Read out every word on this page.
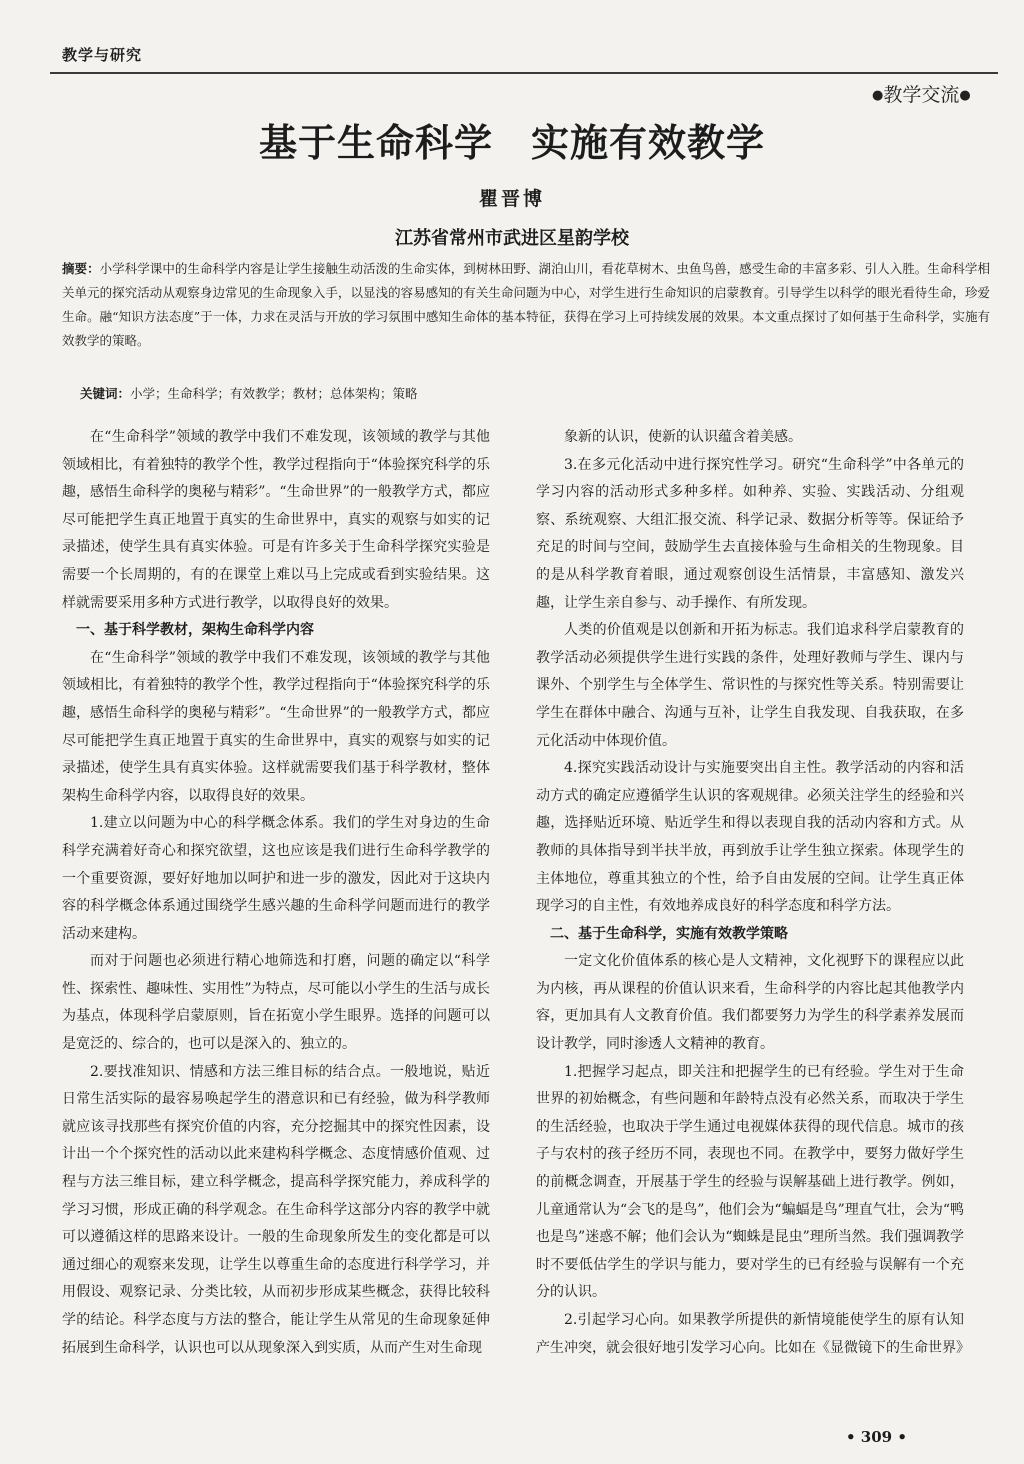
教学与研究
●教学交流●
基于生命科学 实施有效教学
瞿晋博
江苏省常州市武进区星韵学校
摘要：小学科学课中的生命科学内容是让学生接触生动活泼的生命实体，到树林田野、湖泊山川，看花草树木、虫鱼鸟兽，感受生命的丰富多彩、引人入胜。生命科学相关单元的探究活动从观察身边常见的生命现象入手，以显浅的容易感知的有关生命问题为中心，对学生进行生命知识的启蒙教育。引导学生以科学的眼光看待生命，珍爱生命。融“知识方法态度”于一体，力求在灵活与开放的学习氛围中感知生命体的基本特征，获得在学习上可持续发展的效果。本文重点探讨了如何基于生命科学，实施有效教学的策略。
关键词：小学；生命科学；有效教学；教材；总体架构；策略

在“生命科学”领域的教学中我们不难发现，该领域的教学与其他领域相比，有着独特的教学个性，教学过程指向于“体验探究科学的乐趣，感悟生命科学的奥秘与精彩”。“生命世界”的一般教学方式，都应尽可能把学生真正地置于真实的生命世界中，真实的观察与如实的记录描述，使学生具有真实体验。可是有许多关于生命科学探究实验是需要一个长周期的，有的在课堂上难以马上完成或看到实验结果。这样就需要采用多种方式进行教学，以取得良好的效果。

一、基于科学教材，架构生命科学内容

在“生命科学”领域的教学中我们不难发现，该领域的教学与其他领域相比，有着独特的教学个性，教学过程指向于“体验探究科学的乐趣，感悟生命科学的奥秘与精彩”。“生命世界”的一般教学方式，都应尽可能把学生真正地置于真实的生命世界中，真实的观察与如实的记录描述，使学生具有真实体验。这样就需要我们基于科学教材，整体架构生命科学内容，以取得良好的效果。

1.建立以问题为中心的科学概念体系。我们的学生对身边的生命科学充满着好奇心和探究欲望，这也应该是我们进行生命科学教学的一个重要资源，要好好地加以呵护和进一步的激发，因此对于这块内容的科学概念体系通过围绕学生感兴趣的生命科学问题而进行的教学活动来建构。

而对于问题也必须进行精心地筛选和打磨，问题的确定以“科学性、探索性、趣味性、实用性”为特点，尽可能以小学生的生活与成长为基点，体现科学启蒙原则，旨在拓宽小学生眼界。选择的问题可以是宽泛的、综合的，也可以是深入的、独立的。

2.要找准知识、情感和方法三维目标的结合点。一般地说，贴近日常生活实际的最容易唤起学生的潜意识和已有经验，做为科学教师就应该寻找那些有探究价值的内容，充分挖掘其中的探究性因素，设计出一个个探究性的活动以此来建构科学概念、态度情感价值观、过程与方法三维目标，建立科学概念，提高科学探究能力，养成科学的学习习惯，形成正确的科学观念。在生命科学这部分内容的教学中就可以遵循这样的思路来设计。一般的生命现象所发生的变化都是可以通过细心的观察来发现，让学生以尊重生命的态度进行科学学习，并用假设、观察记录、分类比较，从而初步形成某些概念，获得比较科学的结论。科学态度与方法的整合，能让学生从常见的生命现象延伸拓展到生命科学，认识也可以从现象深入到实质，从而产生对生命现

象新的认识，使新的认识蕴含着美感。

3.在多元化活动中进行探究性学习。研究“生命科学”中各单元的学习内容的活动形式多种多样。如种养、实验、实践活动、分组观察、系统观察、大组汇报交流、科学记录、数据分析等等。保证给予充足的时间与空间，鼓励学生去直接体验与生命相关的生物现象。目的是从科学教育着眼，通过观察创设生活情景，丰富感知、激发兴趣，让学生亲自参与、动手操作、有所发现。

人类的价值观是以创新和开拓为标志。我们追求科学启蒙教育的教学活动必须提供学生进行实践的条件，处理好教师与学生、课内与课外、个别学生与全体学生、常识性的与探究性等关系。特别需要让学生在群体中融合、沟通与互补，让学生自我发现、自我获取，在多元化活动中体现价值。

4.探究实践活动设计与实施要突出自主性。教学活动的内容和活动方式的确定应遵循学生认识的客观规律。必须关注学生的经验和兴趣，选择贴近环境、贴近学生和得以表现自我的活动内容和方式。从教师的具体指导到半扶半放，再到放手让学生独立探索。体现学生的主体地位，尊重其独立的个性，给予自由发展的空间。让学生真正体现学习的自主性，有效地养成良好的科学态度和科学方法。

二、基于生命科学，实施有效教学策略

一定文化价值体系的核心是人文精神，文化视野下的课程应以此为内核，再从课程的价值认识来看，生命科学的内容比起其他教学内容，更加具有人文教育价值。我们都要努力为学生的科学素养发展而设计教学，同时渗透人文精神的教育。

1.把握学习起点，即关注和把握学生的已有经验。学生对于生命世界的初始概念，有些问题和年龄特点没有必然关系，而取决于学生的生活经验，也取决于学生通过电视媒体获得的现代信息。城市的孩子与农村的孩子经历不同，表现也不同。在教学中，要努力做好学生的前概念调查，开展基于学生的经验与误解基础上进行教学。例如，儿童通常认为“会飞的是鸟”，他们会为“蝙蝠是鸟”理直气壮，会为“鸭也是鸟”迷惑不解；他们会认为“蜘蛛是昆虫”理所当然。我们强调教学时不要低估学生的学识与能力，要对学生的已有经验与误解有一个充分的认识。

2.引起学习心向。如果教学所提供的新情境能使学生的原有认知产生冲突，就会很好地引发学习心向。比如在《显微镜下的生命世界》

• 309 •
